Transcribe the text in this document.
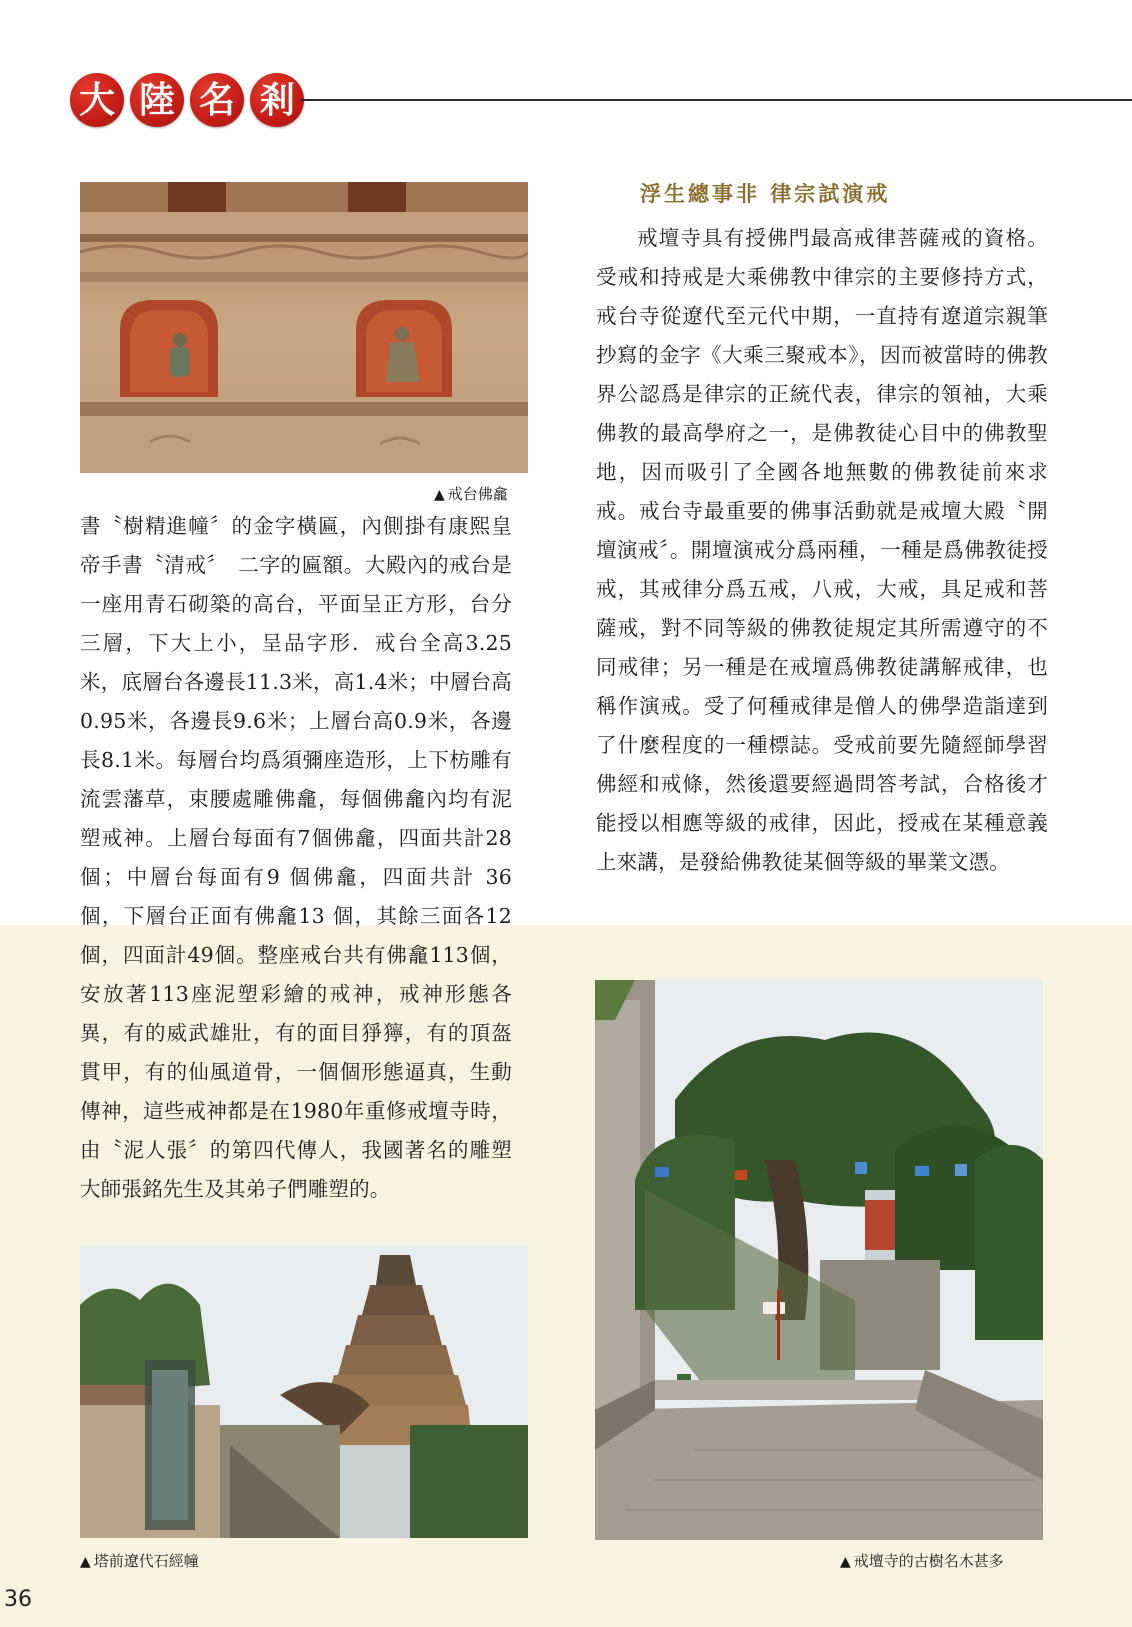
大 陸 名 剎
▲ 戒台佛龕

書〝樹精進幢〞的金字橫匾，內側掛有康熙皇帝手書〝清戒〞　二字的匾額。大殿內的戒台是一座用青石砌築的高台，平面呈正方形，台分三層，下大上小，呈品字形．戒台全高3.25米，底層台各邊長11.3米，高1.4米；中層台高0.95米，各邊長9.6米；上層台高0.9米，各邊長8.1米。每層台均爲須彌座造形，上下枋雕有流雲藩草，束腰處雕佛龕，每個佛龕內均有泥塑戒神。上層台每面有7個佛龕，四面共計28個；中層台每面有9 個佛龕，四面共計 36 個，下層台正面有佛龕13 個，其餘三面各12個，四面計49個。整座戒台共有佛龕113個，安放著113座泥塑彩繪的戒神，戒神形態各異，有的威武雄壯，有的面目猙獰，有的頂盔貫甲，有的仙風道骨，一個個形態逼真，生動傳神，這些戒神都是在1980年重修戒壇寺時，由〝泥人張〞的第四代傳人，我國著名的雕塑大師張銘先生及其弟子們雕塑的。

浮生總事非 律宗試演戒

戒壇寺具有授佛門最高戒律菩薩戒的資格。受戒和持戒是大乘佛教中律宗的主要修持方式，戒台寺從遼代至元代中期，一直持有遼道宗親筆抄寫的金字《大乘三聚戒本》，因而被當時的佛教界公認爲是律宗的正統代表，律宗的領袖，大乘佛教的最高學府之一，是佛教徒心目中的佛教聖地，因而吸引了全國各地無數的佛教徒前來求戒。戒台寺最重要的佛事活動就是戒壇大殿〝開壇演戒〞。開壇演戒分爲兩種，一種是爲佛教徒授戒，其戒律分爲五戒，八戒，大戒，具足戒和菩薩戒，對不同等級的佛教徒規定其所需遵守的不同戒律；另一種是在戒壇爲佛教徒講解戒律，也稱作演戒。受了何種戒律是僧人的佛學造詣達到了什麼程度的一種標誌。受戒前要先隨經師學習佛經和戒條，然後還要經過問答考試，合格後才能授以相應等級的戒律，因此，授戒在某種意義上來講，是發給佛教徒某個等級的畢業文憑。

▲ 塔前遼代石經幢	▲ 戒壇寺的古樹名木甚多
36
